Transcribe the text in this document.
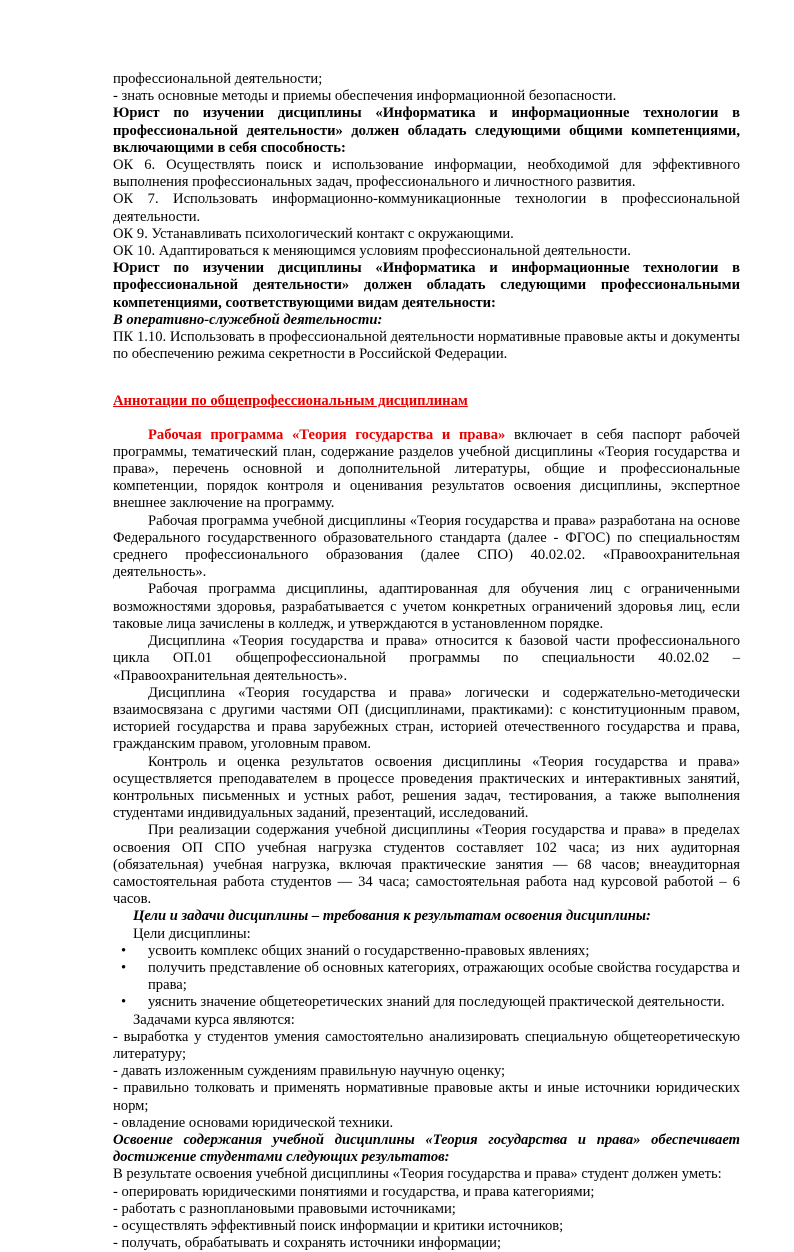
профессиональной деятельности;

- знать основные методы и приемы обеспечения информационной безопасности.

Юрист по изучении дисциплины «Информатика и информационные технологии в профессиональной деятельности» должен обладать следующими общими компетенциями, включающими в себя способность:

ОК 6. Осуществлять поиск и использование информации, необходимой для эффективного выполнения профессиональных задач, профессионального и личностного развития.

ОК 7. Использовать информационно-коммуникационные технологии в профессиональной деятельности.

ОК 9. Устанавливать психологический контакт с окружающими.

ОК 10. Адаптироваться к меняющимся условиям профессиональной деятельности.

Юрист по изучении дисциплины «Информатика и информационные технологии в профессиональной деятельности» должен обладать следующими профессиональными компетенциями, соответствующими видам деятельности:

В оперативно-служебной деятельности:

ПК 1.10. Использовать в профессиональной деятельности нормативные правовые акты и документы по обеспечению режима секретности в Российской Федерации.

Аннотации по общепрофессиональным дисциплинам

Рабочая программа «Теория государства и права» включает в себя паспорт рабочей программы, тематический план, содержание разделов учебной дисциплины «Теория государства и права», перечень основной и дополнительной литературы, общие и профессиональные компетенции, порядок контроля и оценивания результатов освоения дисциплины, экспертное внешнее заключение на программу.

Рабочая программа учебной дисциплины «Теория государства и права» разработана на основе Федерального государственного образовательного стандарта (далее - ФГОС) по специальностям среднего профессионального образования (далее СПО) 40.02.02. «Правоохранительная деятельность».

Рабочая программа дисциплины, адаптированная для обучения лиц с ограниченными возможностями здоровья, разрабатывается с учетом конкретных ограничений здоровья лиц, если таковые лица зачислены в колледж, и утверждаются в установленном порядке.

Дисциплина «Теория государства и права» относится к базовой части профессионального цикла ОП.01 общепрофессиональной программы по специальности 40.02.02 – «Правоохранительная деятельность».

Дисциплина «Теория государства и права» логически и содержательно-методически взаимосвязана с другими частями ОП (дисциплинами, практиками): с конституционным правом, историей государства и права зарубежных стран, историей отечественного государства и права, гражданским правом, уголовным правом.

Контроль и оценка результатов освоения дисциплины «Теория государства и права» осуществляется преподавателем в процессе проведения практических и интерактивных занятий, контрольных письменных и устных работ, решения задач, тестирования, а также выполнения студентами индивидуальных заданий, презентаций, исследований.

При реализации содержания учебной дисциплины «Теория государства и права» в пределах освоения ОП СПО учебная нагрузка студентов составляет 102 часа; из них аудиторная (обязательная) учебная нагрузка, включая практические занятия — 68 часов; внеаудиторная самостоятельная работа студентов — 34 часа; самостоятельная работа над курсовой работой – 6 часов.

Цели и задачи дисциплины – требования к результатам освоения дисциплины:

Цели дисциплины:

• усвоить комплекс общих знаний о государственно-правовых явлениях;

• получить представление об основных категориях, отражающих особые свойства государства и права;

• уяснить значение общетеоретических знаний для последующей практической деятельности.

Задачами курса являются:

- выработка у студентов умения самостоятельно анализировать специальную общетеоретическую литературу;

- давать изложенным суждениям правильную научную оценку;

- правильно толковать и применять нормативные правовые акты и иные источники юридических норм;

- овладение основами юридической техники.

Освоение содержания учебной дисциплины «Теория государства и права» обеспечивает достижение студентами следующих результатов:

В результате освоения учебной дисциплины «Теория государства и права» студент должен уметь:

- оперировать юридическими понятиями и государства, и права категориями;

- работать с разноплановыми правовыми источниками;

- осуществлять эффективный поиск информации и критики источников;

- получать, обрабатывать и сохранять источники информации;
